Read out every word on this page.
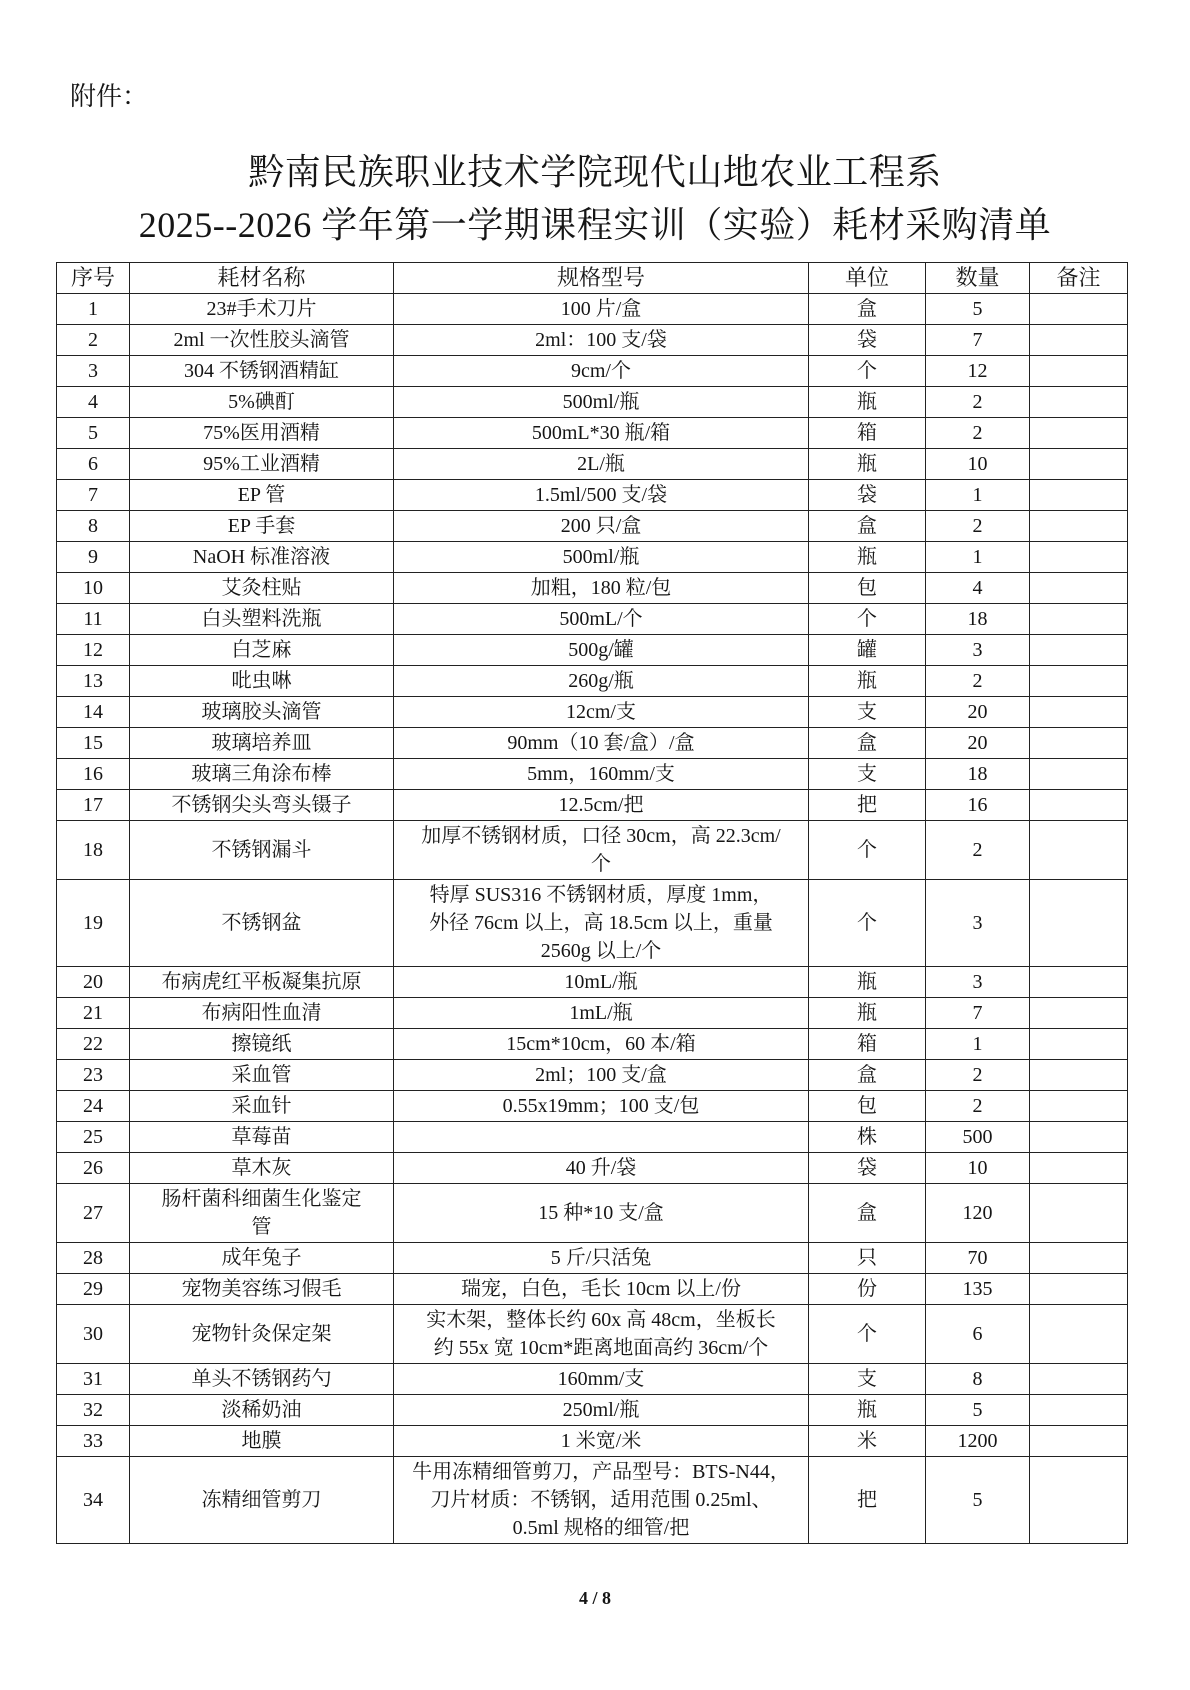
附件：
黔南民族职业技术学院现代山地农业工程系
2025--2026 学年第一学期课程实训（实验）耗材采购清单
序号	耗材名称	规格型号	单位	数量	备注
1	23#手术刀片	100 片/盒	盒	5	
2	2ml 一次性胶头滴管	2ml：100 支/袋	袋	7	
3	304 不锈钢酒精缸	9cm/个	个	12	
4	5%碘酊	500ml/瓶	瓶	2	
5	75%医用酒精	500mL*30 瓶/箱	箱	2	
6	95%工业酒精	2L/瓶	瓶	10	
7	EP 管	1.5ml/500 支/袋	袋	1	
8	EP 手套	200 只/盒	盒	2	
9	NaOH 标准溶液	500ml/瓶	瓶	1	
10	艾灸柱贴	加粗，180 粒/包	包	4	
11	白头塑料洗瓶	500mL/个	个	18	
12	白芝麻	500g/罐	罐	3	
13	吡虫啉	260g/瓶	瓶	2	
14	玻璃胶头滴管	12cm/支	支	20	
15	玻璃培养皿	90mm（10 套/盒）/盒	盒	20	
16	玻璃三角涂布棒	5mm，160mm/支	支	18	
17	不锈钢尖头弯头镊子	12.5cm/把	把	16	
18	不锈钢漏斗	加厚不锈钢材质，口径 30cm，高 22.3cm/
个	个	2	
19	不锈钢盆	特厚 SUS316 不锈钢材质，厚度 1mm，
外径 76cm 以上，高 18.5cm 以上，重量
2560g 以上/个	个	3	
20	布病虎红平板凝集抗原	10mL/瓶	瓶	3	
21	布病阳性血清	1mL/瓶	瓶	7	
22	擦镜纸	15cm*10cm，60 本/箱	箱	1	
23	采血管	2ml；100 支/盒	盒	2	
24	采血针	0.55x19mm；100 支/包	包	2	
25	草莓苗		株	500	
26	草木灰	40 升/袋	袋	10	
27	肠杆菌科细菌生化鉴定
管	15 种*10 支/盒	盒	120	
28	成年兔子	5 斤/只活兔	只	70	
29	宠物美容练习假毛	瑞宠，白色，毛长 10cm 以上/份	份	135	
30	宠物针灸保定架	实木架，整体长约 60x 高 48cm，坐板长
约 55x 宽 10cm*距离地面高约 36cm/个	个	6	
31	单头不锈钢药勺	160mm/支	支	8	
32	淡稀奶油	250ml/瓶	瓶	5	
33	地膜	1 米宽/米	米	1200	
34	冻精细管剪刀	牛用冻精细管剪刀，产品型号：BTS-N44，
刀片材质：不锈钢，适用范围 0.25ml、
0.5ml 规格的细管/把	把	5	
4 / 8
